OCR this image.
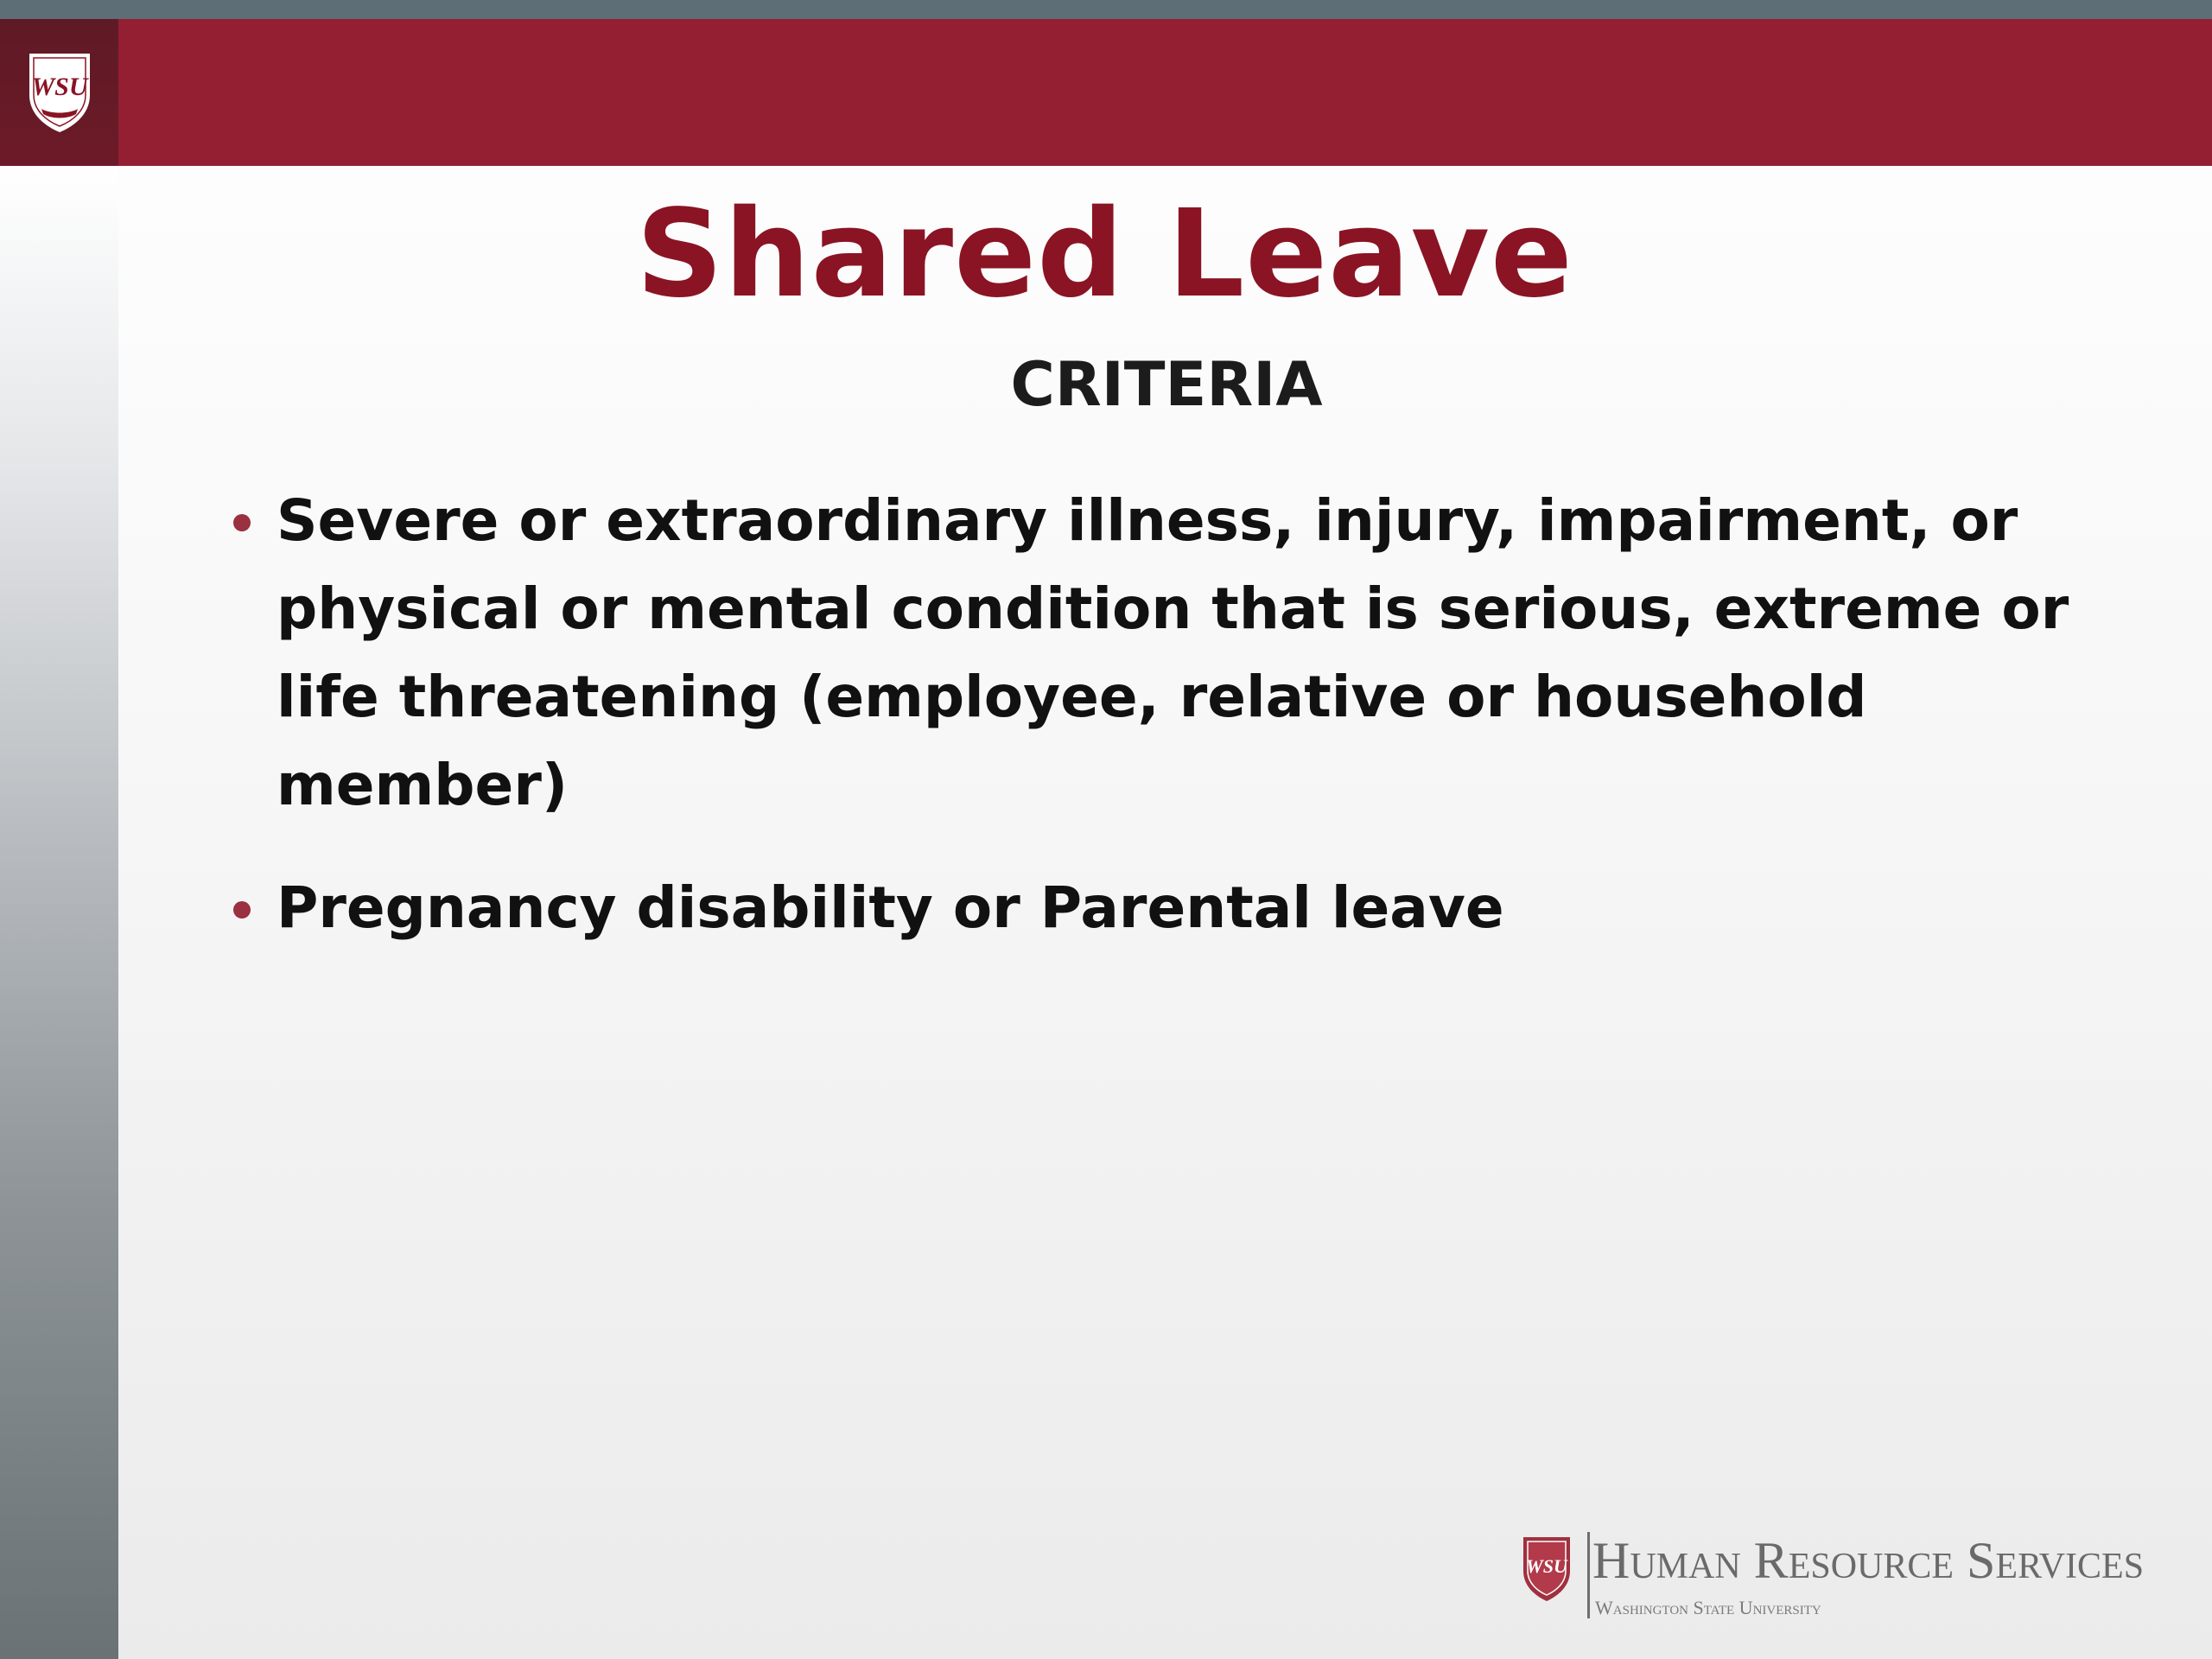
WSU
Shared Leave
CRITERIA
Severe or extraordinary illness, injury, impairment, or physical or mental condition that is serious, extreme or life threatening (employee, relative or household member)
Pregnancy disability or Parental leave
WSU Human Resource Services
Washington State University
